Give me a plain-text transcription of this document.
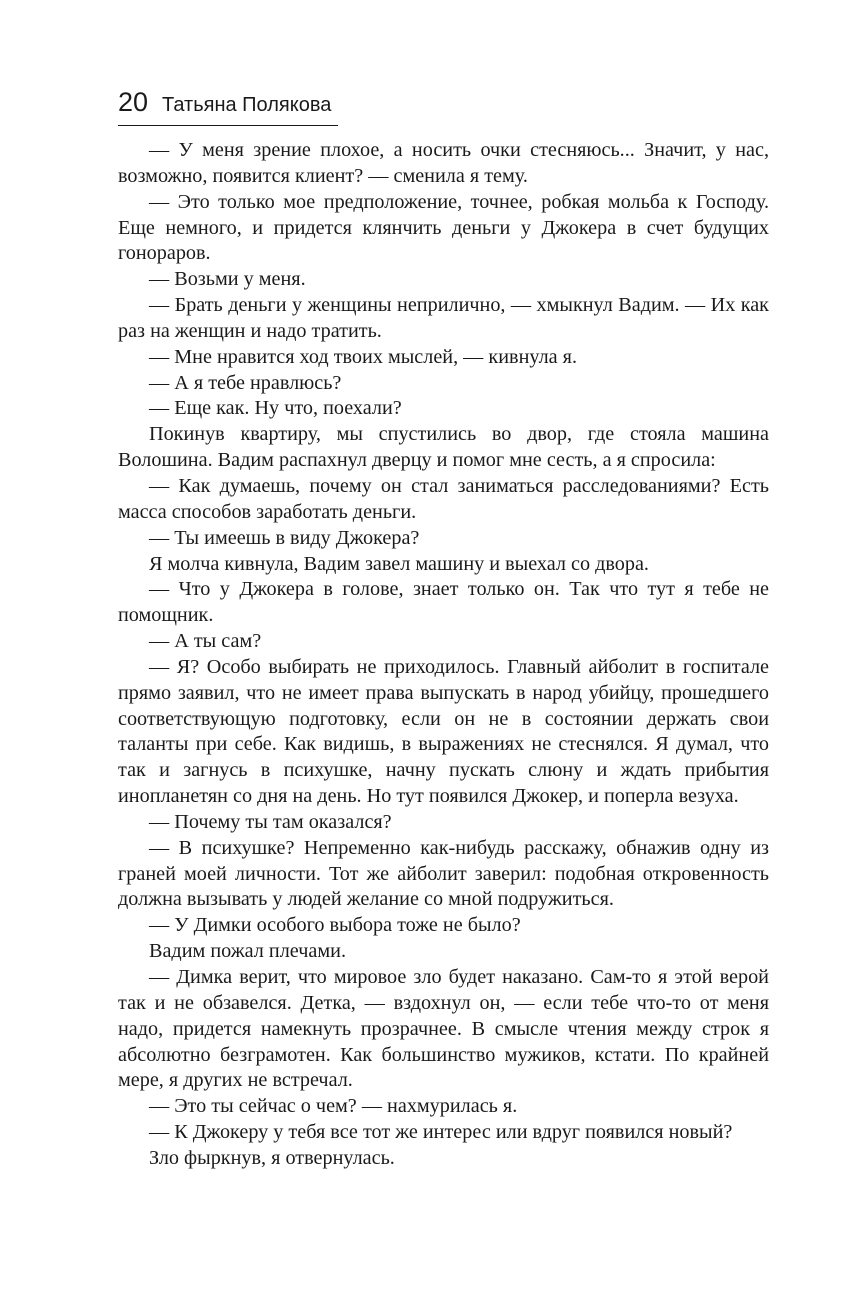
20 Татьяна Полякова

— У меня зрение плохое, а носить очки стесняюсь... Значит, у нас, возможно, появится клиент? — сменила я тему.

— Это только мое предположение, точнее, робкая мольба к Господу. Еще немного, и придется клянчить деньги у Джокера в счет будущих гонораров.

— Возьми у меня.

— Брать деньги у женщины неприлично, — хмыкнул Вадим. — Их как раз на женщин и надо тратить.

— Мне нравится ход твоих мыслей, — кивнула я.

— А я тебе нравлюсь?

— Еще как. Ну что, поехали?

Покинув квартиру, мы спустились во двор, где стояла машина Волошина. Вадим распахнул дверцу и помог мне сесть, а я спросила:

— Как думаешь, почему он стал заниматься расследованиями? Есть масса способов заработать деньги.

— Ты имеешь в виду Джокера?

Я молча кивнула, Вадим завел машину и выехал со двора.

— Что у Джокера в голове, знает только он. Так что тут я тебе не помощник.

— А ты сам?

— Я? Особо выбирать не приходилось. Главный айболит в госпитале прямо заявил, что не имеет права выпускать в народ убийцу, прошедшего соответствующую подготовку, если он не в состоянии держать свои таланты при себе. Как видишь, в выражениях не стеснялся. Я думал, что так и загнусь в психушке, начну пускать слюну и ждать прибытия инопланетян со дня на день. Но тут появился Джокер, и поперла везуха.

— Почему ты там оказался?

— В психушке? Непременно как-нибудь расскажу, обнажив одну из граней моей личности. Тот же айболит заверил: подобная откровенность должна вызывать у людей желание со мной подружиться.

— У Димки особого выбора тоже не было?

Вадим пожал плечами.

— Димка верит, что мировое зло будет наказано. Сам-то я этой верой так и не обзавелся. Детка, — вздохнул он, — если тебе что-то от меня надо, придется намекнуть прозрачнее. В смысле чтения между строк я абсолютно безграмотен. Как большинство мужиков, кстати. По крайней мере, я других не встречал.

— Это ты сейчас о чем? — нахмурилась я.

— К Джокеру у тебя все тот же интерес или вдруг появился новый?

Зло фыркнув, я отвернулась.
